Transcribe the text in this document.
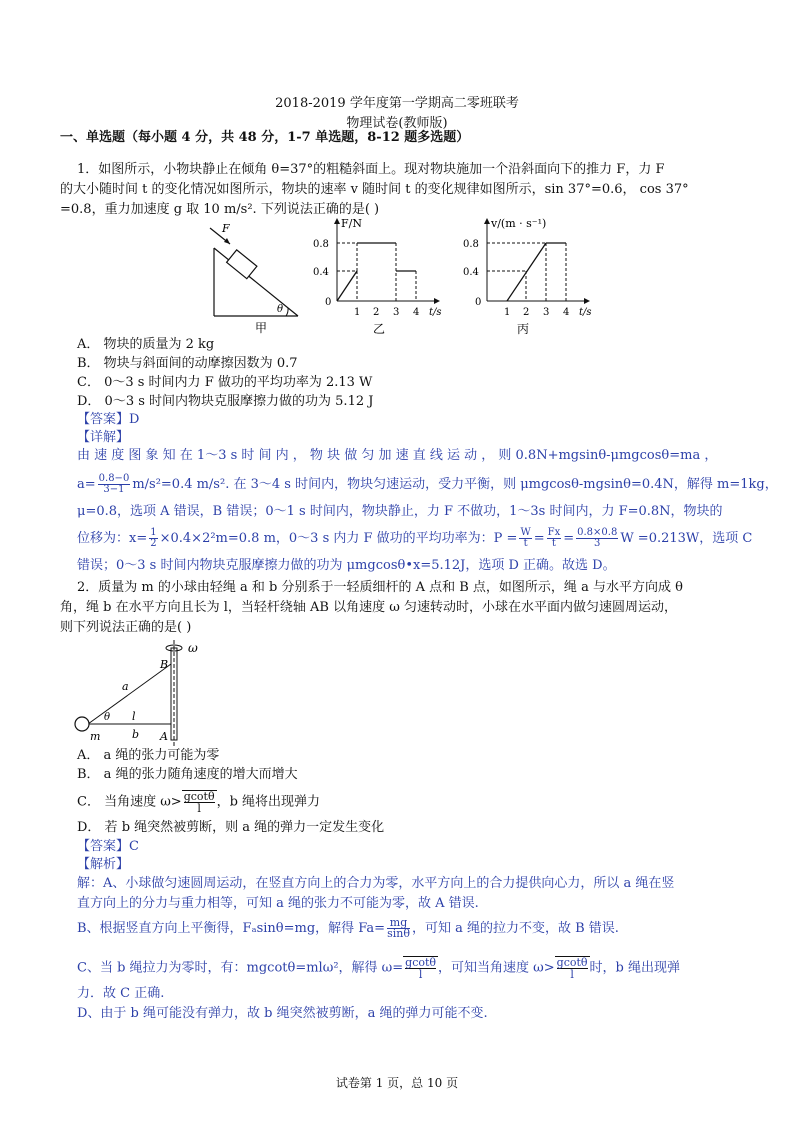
2018-2019 学年度第一学期高二零班联考
物理试卷(教师版)
一、单选题（每小题 4 分，共 48 分，1-7 单选题，8-12 题多选题）
1．如图所示，小物块静止在倾角 θ=37°的粗糙斜面上。现对物块施加一个沿斜面向下的推力 F，力 F
的大小随时间 t 的变化情况如图所示，物块的速率 v 随时间 t 的变化规律如图所示，sin 37°=0.6， cos 37°
=0.8，重力加速度 g 取 10 m/s². 下列说法正确的是( )
F
θ
甲
F/N
0.8
0.4
0
1 2 3 4 t/s
乙
v/(m · s⁻¹)
0.8
0.4
0
1 2 3 4 t/s
丙
A． 物块的质量为 2 kg
B． 物块与斜面间的动摩擦因数为 0.7
C． 0～3 s 时间内力 F 做功的平均功率为 2.13 W
D． 0～3 s 时间内物块克服摩擦力做的功为 5.12 J
【答案】D
【详解】
由 速 度 图 象 知 在 1～3 s 时 间 内 ， 物 块 做 匀 加 速 直 线 运 动 ， 则 0.8N+mgsinθ-μmgcosθ=ma ，
$a= \frac{0.8-0}{3-1} m/s^2=0.4$ m/s². 在 3～4 s 时间内，物块匀速运动，受力平衡，则 μmgcosθ-mgsinθ=0.4N，解得 m=1kg，
μ=0.8，选项 A 错误，B 错误；0～1 s 时间内，物块静止，力 F 不做功，1～3s 时间内，力 F=0.8N，物块的
位移为：$x= \frac{1}{2} \times 0.4\times 2^2m=0.8$ m，0～3 s 内力 F 做功的平均功率为：$P = \frac{W}{t} = \frac{Fx}{t} = \frac{0.8\times 0.8}{3}$ W =0.213W，选项 C
错误；0～3 s 时间内物块克服摩擦力做的功为 μmgcosθ•x=5.12J，选项 D 正确。故选 D。
2．质量为 m 的小球由轻绳 a 和 b 分别系于一轻质细杆的 A 点和 B 点，如图所示，绳 a 与水平方向成 θ
角，绳 b 在水平方向且长为 l，当轻杆绕轴 AB 以角速度 ω 匀速转动时，小球在水平面内做匀速圆周运动，
则下列说法正确的是( )
ω
B
A
a
l
b
θ
m
A． a 绳的张力可能为零
B． a 绳的张力随角速度的增大而增大
C． 当角速度 $\omega> \frac{gcot\theta}{l}$ ，b 绳将出现弹力
D． 若 b 绳突然被剪断，则 a 绳的弹力一定发生变化
【答案】C
【解析】
解：A、小球做匀速圆周运动，在竖直方向上的合力为零，水平方向上的合力提供向心力，所以 a 绳在竖
直方向上的分力与重力相等，可知 a 绳的张力不可能为零，故 A 错误.
B、根据竖直方向上平衡得，Fₐsinθ=mg，解得 $Fa= \frac{mg}{\sin\theta}$ ，可知 a 绳的拉力不变，故 B 错误.
C、当 b 绳拉力为零时，有：mgcotθ=mlω²，解得 $\omega= \frac{gcot\theta}{l}$ ，可知当角速度 $\omega> \frac{gcot\theta}{l}$ 时，b 绳出现弹
力．故 C 正确.
D、由于 b 绳可能没有弹力，故 b 绳突然被剪断，a 绳的弹力可能不变.
试卷第 1 页，总 10 页
